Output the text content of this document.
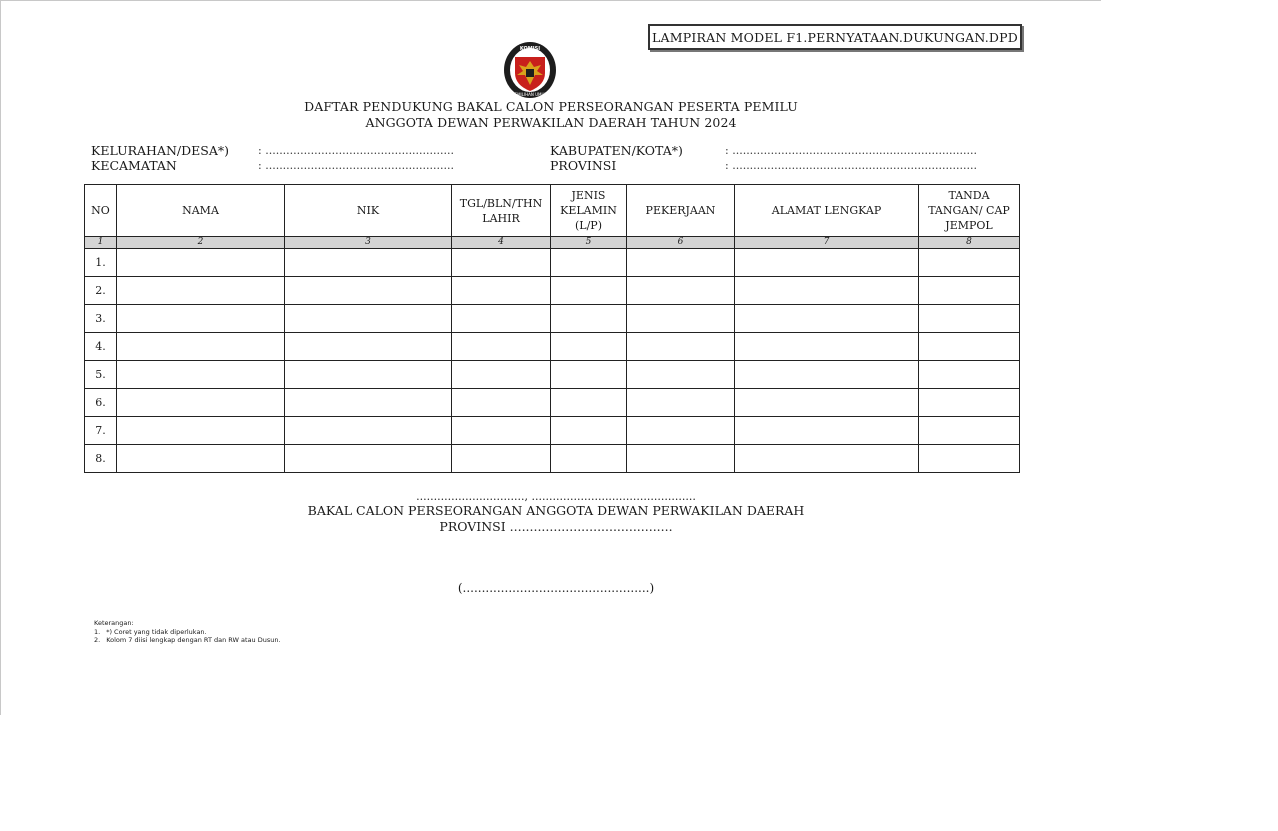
LAMPIRAN MODEL F1.PERNYATAAN.DUKUNGAN.DPD
KOMISI
PEMILIHAN UMUM
DAFTAR PENDUKUNG BAKAL CALON PERSEORANGAN PESERTA PEMILU
ANGGOTA DEWAN PERWAKILAN DAERAH TAHUN 2024
KELURAHAN/DESA*)	: ......................................................
KECAMATAN	: ......................................................
KABUPATEN/KOTA*)	: ......................................................................
PROVINSI	: ......................................................................
NO	NAMA	NIK	TGL/BLN/THN LAHIR	JENIS KELAMIN (L/P)	PEKERJAAN	ALAMAT LENGKAP	TANDA TANGAN/ CAP JEMPOL
1	2	3	4	5	6	7	8
1.							
2.							
3.							
4.							
5.							
6.							
7.							
8.							
..............................., ...............................................
BAKAL CALON PERSEORANGAN ANGGOTA DEWAN PERWAKILAN DAERAH
PROVINSI .........................................
(.................................................)
Keterangan:
1. *) Coret yang tidak diperlukan.
2. Kolom 7 diisi lengkap dengan RT dan RW atau Dusun.
